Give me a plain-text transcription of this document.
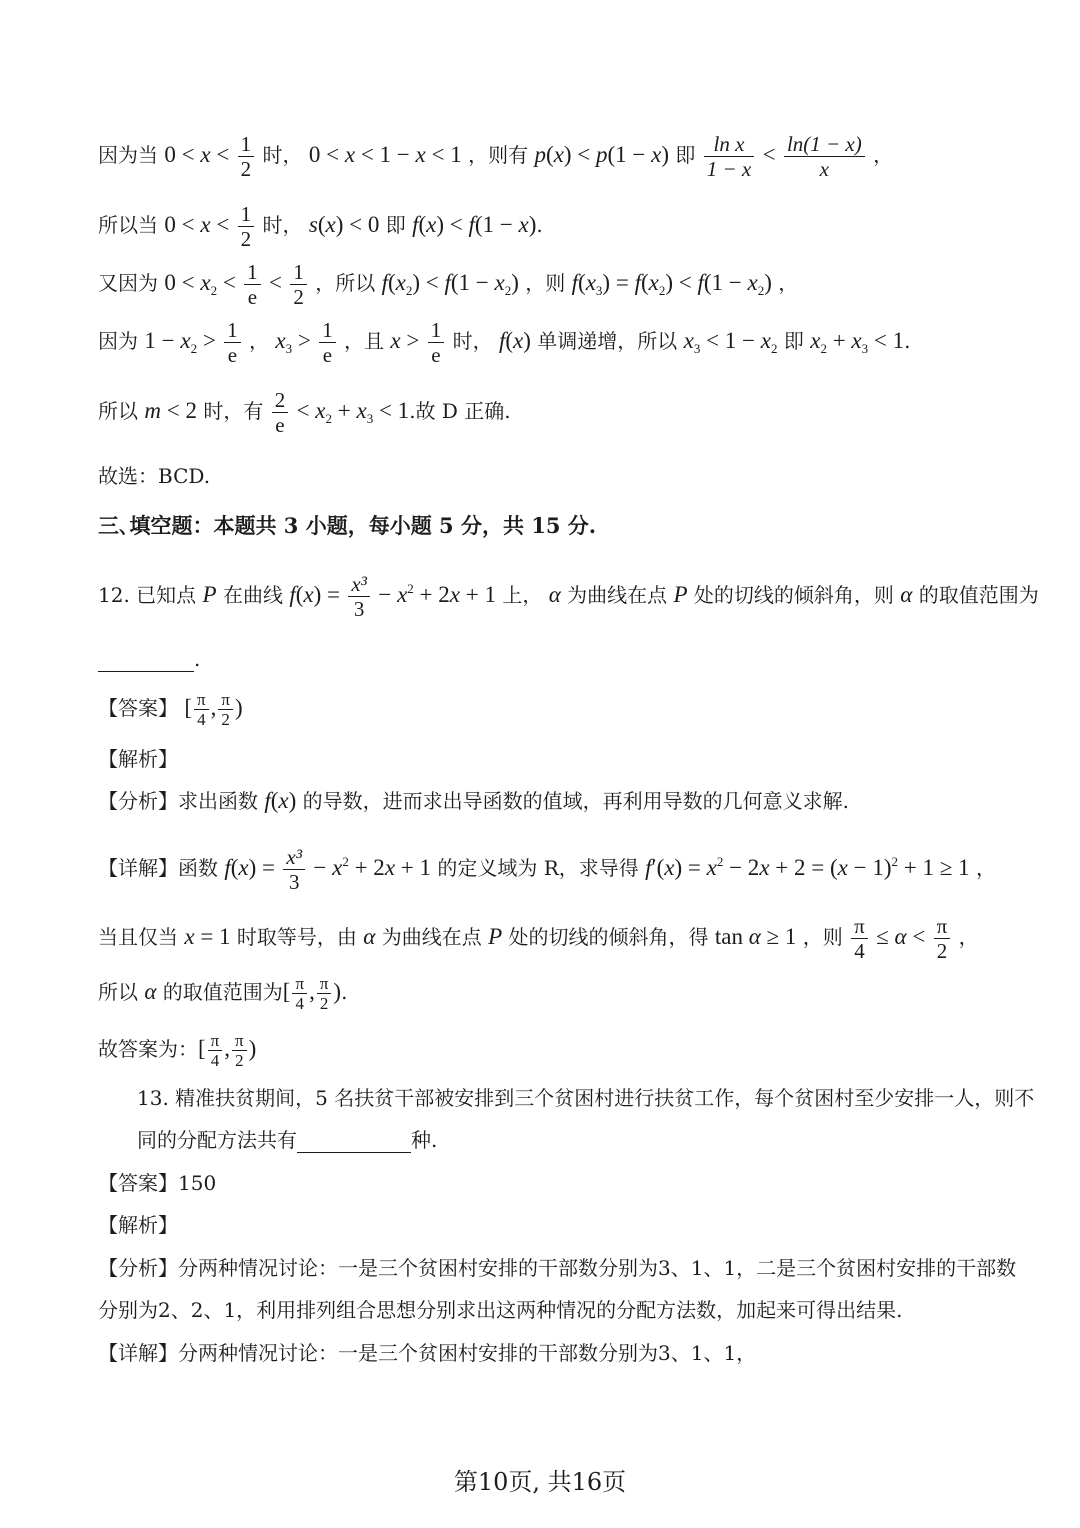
因为当 $0 < x < \frac{1}{2}$ 时， 0 < x < 1 − x < 1 ，则有 p(x) < p(1 − x) 即 $\frac{\text{ln x}}{1 - x} < \frac{\ln(1 - x)}{x}$ ，
所以当 $0 < x < \frac{1}{2}$ 时， s(x) < 0 即 f(x) < f(1 − x).
又因为 $0 < x_2 < \frac{1}{e} < \frac{1}{2}$ ，所以 $f(x_2) < f(1 - x_2)$ ，则 $f(x_3) = f(x_2) < f(1 - x_2)$ ，
因为 $1 - x_2 > \frac{1}{e}$ ， $x_3 > \frac{1}{e}$ ，且 $x > \frac{1}{e}$ 时， f(x) 单调递增，所以 $x_3 < 1 - x_2$ 即 $x_2 + x_3 < 1$.
所以 m < 2 时，有 $\frac{2}{e} < x_2 + x_3 < 1$.故 D 正确.
故选：BCD.
三､填空题：本题共 3 小题，每小题 5 分，共 15 分.
12. 已知点 P 在曲线 $f(x) = \frac{\text{x³}}{3} - x^2 + 2x + 1$ 上， α 为曲线在点 P 处的切线的倾斜角，则 α 的取值范围为
.
【答案】 [ $\frac{\pi}{4}$ , $\frac{\pi}{2}$ )
【解析】
【分析】求出函数 f(x) 的导数，进而求出导函数的值域，再利用导数的几何意义求解.
【详解】函数 $f(x) = \frac{\text{x³}}{3} - x^2 + 2x + 1$ 的定义域为 R，求导得 $f'(x) = x^2 - 2x + 2 = (x - 1)^2 + 1 \ge 1$ ，
当且仅当 x = 1 时取等号，由 α 为曲线在点 P 处的切线的倾斜角，得 tan α ≥ 1 ，则 $\frac{\pi}{4} \le \alpha < \frac{\pi}{2}$ ，
所以 α 的取值范围为[ $\frac{\pi}{4}$ , $\frac{\pi}{2}$ ).
故答案为：[ $\frac{\pi}{4}$ , $\frac{\pi}{2}$ )
13. 精准扶贫期间，5 名扶贫干部被安排到三个贫困村进行扶贫工作，每个贫困村至少安排一人，则不
同的分配方法共有	种.
【答案】150
【解析】
【分析】分两种情况讨论：一是三个贫困村安排的干部数分别为3、1、1，二是三个贫困村安排的干部数
分别为2、2、1，利用排列组合思想分别求出这两种情况的分配方法数，加起来可得出结果.
【详解】分两种情况讨论：一是三个贫困村安排的干部数分别为3、1、1，
第10页, 共16页
